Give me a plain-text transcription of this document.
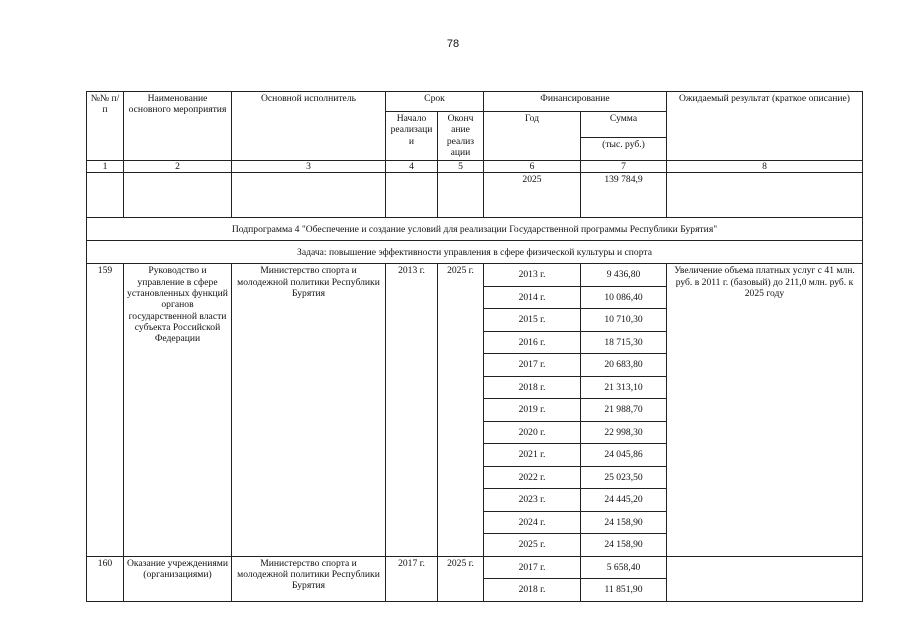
78
№№ п/п	Наименование основного мероприятия	Основной исполнитель	Срок		Финансирование		Ожидаемый результат (краткое описание)
			Начало реализаци и	Оконч ание реализ ации	Год	Сумма	
						(тыс. руб.)	
1	2	3	4	5	6	7	8
					2025	139 784,9	
Подпрограмма 4 "Обеспечение и создание условий для реализации Государственной программы Республики Бурятия"							
Задача: повышение эффективности управления в сфере физической культуры и спорта							
159	Руководство и управление в сфере установленных функций органов государственной власти субъекта Российской Федерации	Министерство спорта и молодежной политики Республики Бурятия	2013 г.	2025 г.	2013 г.	9 436,80	Увеличение объема платных услуг с 41 млн. руб. в 2011 г. (базовый) до 211,0 млн. руб. к 2025 году
					2014 г.	10 086,40	
					2015 г.	10 710,30	
					2016 г.	18 715,30	
					2017 г.	20 683,80	
					2018 г.	21 313,10	
					2019 г.	21 988,70	
					2020 г.	22 998,30	
					2021 г.	24 045,86	
					2022 г.	25 023,50	
					2023 г.	24 445,20	
					2024 г.	24 158,90	
					2025 г.	24 158,90	
160	Оказание учреждениями (организациями)	Министерство спорта и молодежной политики Республики Бурятия	2017 г.	2025 г.	2017 г.	5 658,40	
					2018 г.	11 851,90	
